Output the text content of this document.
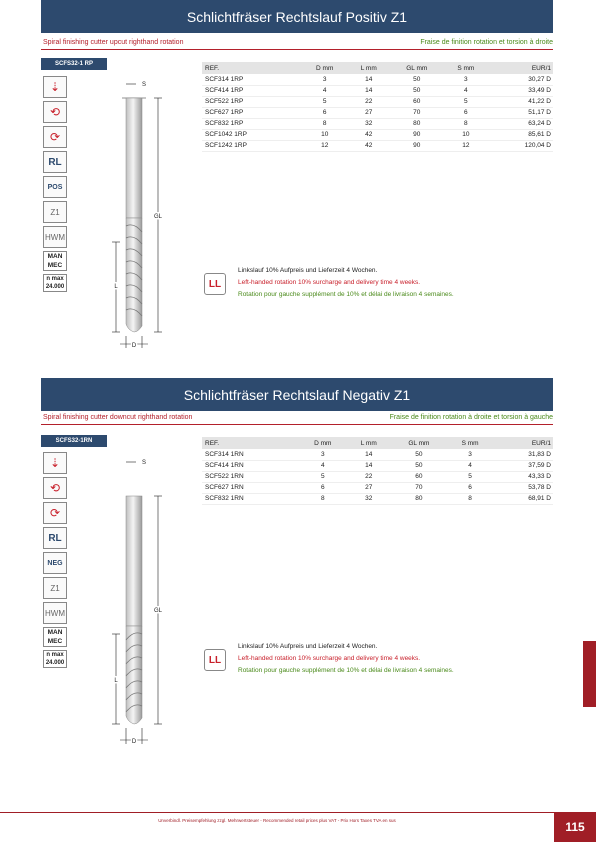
Schlichtfräser Rechtslauf Positiv Z1
Spiral finishing cutter upcut righthand rotation	Fraise de finition rotation et torsion à droite
SCFS32-1 RP
⇣
⟲
⟳
RL
POS
Z1
HWM
MAN
MEC
n max
24.000
S
GL
L
D
REF.	D mm	L mm	GL mm	S mm	EUR/1
SCF314 1RP	3	14	50	3	30,27 D
SCF414 1RP	4	14	50	4	33,49 D
SCF522 1RP	5	22	60	5	41,22 D
SCF627 1RP	6	27	70	6	51,17 D
SCF832 1RP	8	32	80	8	63,24 D
SCF1042 1RP	10	42	90	10	85,61 D
SCF1242 1RP	12	42	90	12	120,04 D
LL
Linkslauf 10% Aufpreis und Lieferzeit 4 Wochen.
Left-handed rotation 10% surcharge and delivery time 4 weeks.
Rotation pour gauche supplément de 10% et délai de livraison 4 semaines.
Schlichtfräser Rechtslauf Negativ Z1
Spiral finishing cutter downcut righthand rotation	Fraise de finition rotation à droite et torsion à gauche
SCFS32-1RN
⇣
⟲
⟳
RL
NEG
Z1
HWM
MAN
MEC
n max
24.000
S
GL
L
D
REF.	D mm	L mm	GL mm	S mm	EUR/1
SCF314 1RN	3	14	50	3	31,83 D
SCF414 1RN	4	14	50	4	37,59 D
SCF522 1RN	5	22	60	5	43,33 D
SCF627 1RN	6	27	70	6	53,78 D
SCF832 1RN	8	32	80	8	68,91 D
LL
Linkslauf 10% Aufpreis und Lieferzeit 4 Wochen.
Left-handed rotation 10% surcharge and delivery time 4 weeks.
Rotation pour gauche supplément de 10% et délai de livraison 4 semaines.
Unverbindl. Preisempfehlung zzgl. Mehrwertsteuer - Recommended retail prices plus VAT - Prix Hors Taxes TVA en sus	115
